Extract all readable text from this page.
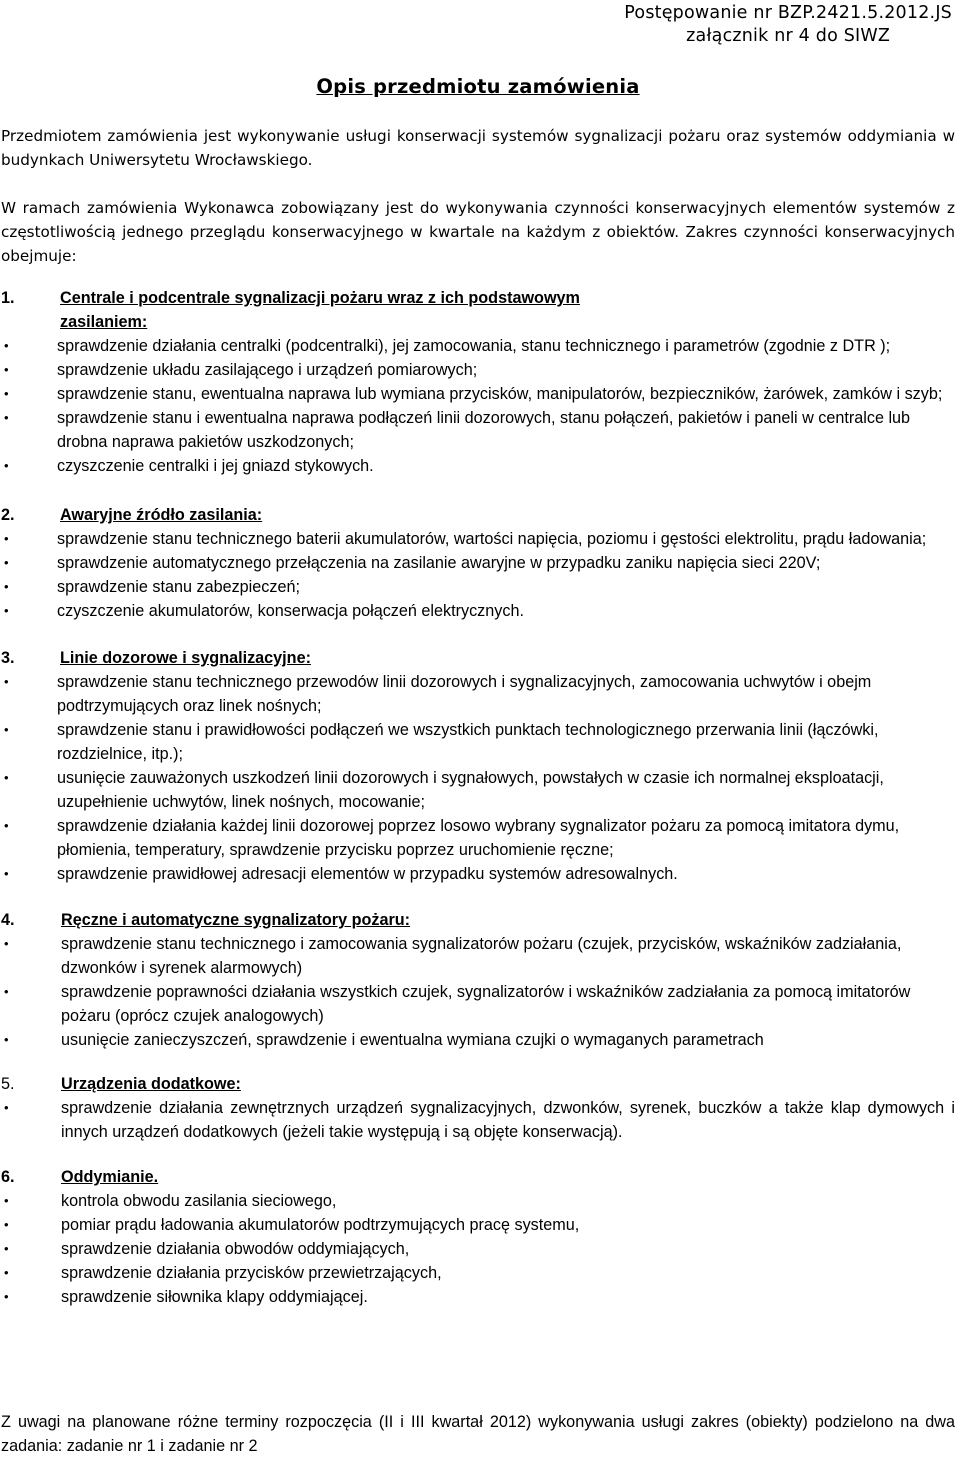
Postępowanie nr BZP.2421.5.2012.JS
załącznik nr 4 do SIWZ
Opis przedmiotu zamówienia

Przedmiotem zamówienia jest wykonywanie usługi konserwacji systemów sygnalizacji pożaru oraz systemów oddymiania w budynkach Uniwersytetu Wrocławskiego.

W ramach zamówienia Wykonawca zobowiązany jest do wykonywania czynności konserwacyjnych elementów systemów z częstotliwością jednego przeglądu konserwacyjnego w kwartale na każdym z obiektów. Zakres czynności konserwacyjnych obejmuje:

1.	Centrale i podcentrale sygnalizacji pożaru wraz z ich podstawowym
zasilaniem:
•	sprawdzenie działania centralki (podcentralki), jej zamocowania, stanu technicznego i parametrów (zgodnie z DTR );
•	sprawdzenie układu zasilającego i urządzeń pomiarowych;
•	sprawdzenie stanu, ewentualna naprawa lub wymiana przycisków, manipulatorów, bezpieczników, żarówek, zamków i szyb;
•	sprawdzenie stanu i ewentualna naprawa podłączeń linii dozorowych, stanu połączeń, pakietów i paneli w centralce lub drobna naprawa pakietów uszkodzonych;
•	czyszczenie centralki i jej gniazd stykowych.
2.	Awaryjne źródło zasilania:
•	sprawdzenie stanu technicznego baterii akumulatorów, wartości napięcia, poziomu i gęstości elektrolitu, prądu ładowania;
•	sprawdzenie automatycznego przełączenia na zasilanie awaryjne w przypadku zaniku napięcia sieci 220V;
•	sprawdzenie stanu zabezpieczeń;
•	czyszczenie akumulatorów, konserwacja połączeń elektrycznych.
3.	Linie dozorowe i sygnalizacyjne:
•	sprawdzenie stanu technicznego przewodów linii dozorowych i sygnalizacyjnych, zamocowania uchwytów i obejm podtrzymujących oraz linek nośnych;
•	sprawdzenie stanu i prawidłowości podłączeń we wszystkich punktach technologicznego przerwania linii (łączówki, rozdzielnice, itp.);
•	usunięcie zauważonych uszkodzeń linii dozorowych i sygnałowych, powstałych w czasie ich normalnej eksploatacji, uzupełnienie uchwytów, linek nośnych, mocowanie;
•	sprawdzenie działania każdej linii dozorowej poprzez losowo wybrany sygnalizator pożaru za pomocą imitatora dymu, płomienia, temperatury, sprawdzenie przycisku poprzez uruchomienie ręczne;
•	sprawdzenie prawidłowej adresacji elementów w przypadku systemów adresowalnych.
4.	Ręczne i automatyczne sygnalizatory pożaru:
•	sprawdzenie stanu technicznego i zamocowania sygnalizatorów pożaru (czujek, przycisków, wskaźników zadziałania, dzwonków i syrenek alarmowych)
•	sprawdzenie poprawności działania wszystkich czujek, sygnalizatorów i wskaźników zadziałania za pomocą imitatorów pożaru (oprócz czujek analogowych)
•	usunięcie zanieczyszczeń, sprawdzenie i ewentualna wymiana czujki o wymaganych parametrach
5.	Urządzenia dodatkowe:
•	sprawdzenie działania zewnętrznych urządzeń sygnalizacyjnych, dzwonków, syrenek, buczków a także klap dymowych i innych urządzeń dodatkowych (jeżeli takie występują i są objęte konserwacją).
6.	Oddymianie.
•	kontrola obwodu zasilania sieciowego,
•	pomiar prądu ładowania akumulatorów podtrzymujących pracę systemu,
•	sprawdzenie działania obwodów oddymiających,
•	sprawdzenie działania przycisków przewietrzających,
•	sprawdzenie siłownika klapy oddymiającej.
Z uwagi na planowane różne terminy rozpoczęcia (II i III kwartał 2012) wykonywania usługi zakres (obiekty) podzielono na dwa zadania: zadanie nr 1 i zadanie nr 2
